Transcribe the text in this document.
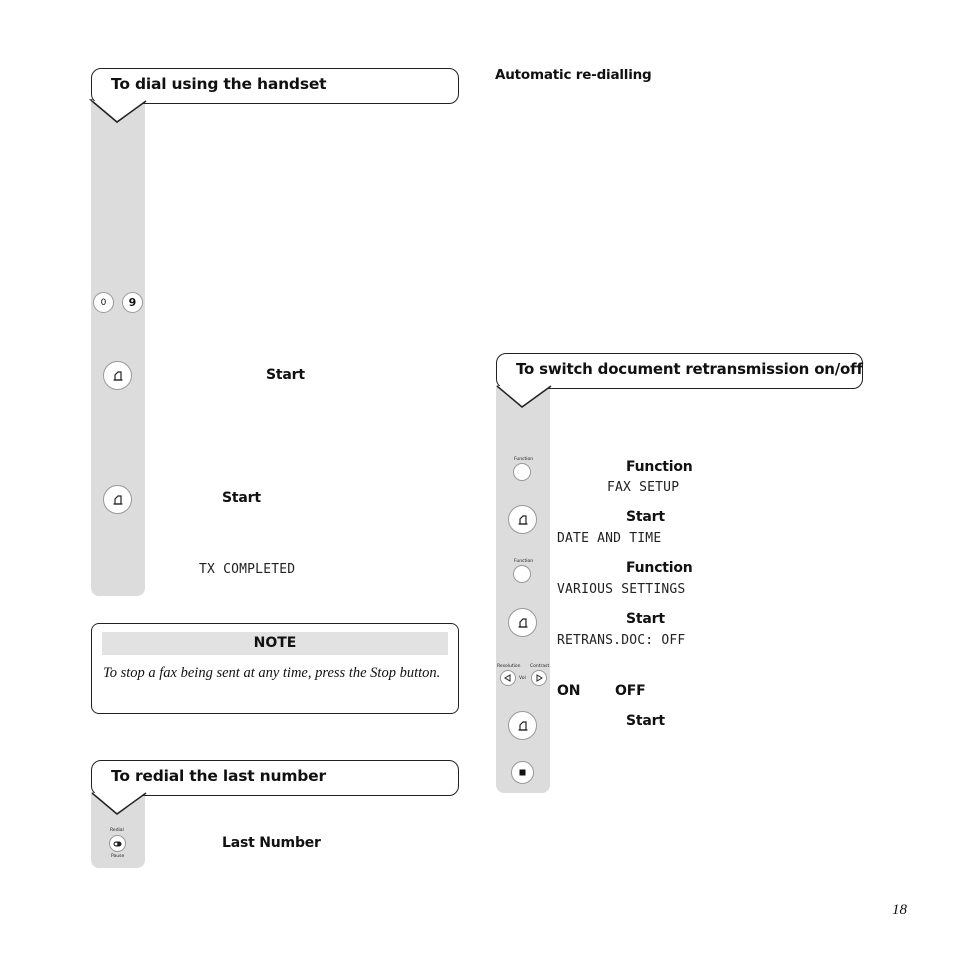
To dial using the handset
0 9
Start
Start
TX COMPLETED
NOTE
To stop a fax being sent at any time, press the Stop button.
To redial the last number
Redial
Pause
Last Number
Automatic re-dialling
To switch document retransmission on/off
Function	Function
FAX SETUP
Start
DATE AND TIME
Function	Function
VARIOUS SETTINGS
Start
RETRANS.DOC: OFF
Resolution Contrast
Vol
ON OFF
Start
18
